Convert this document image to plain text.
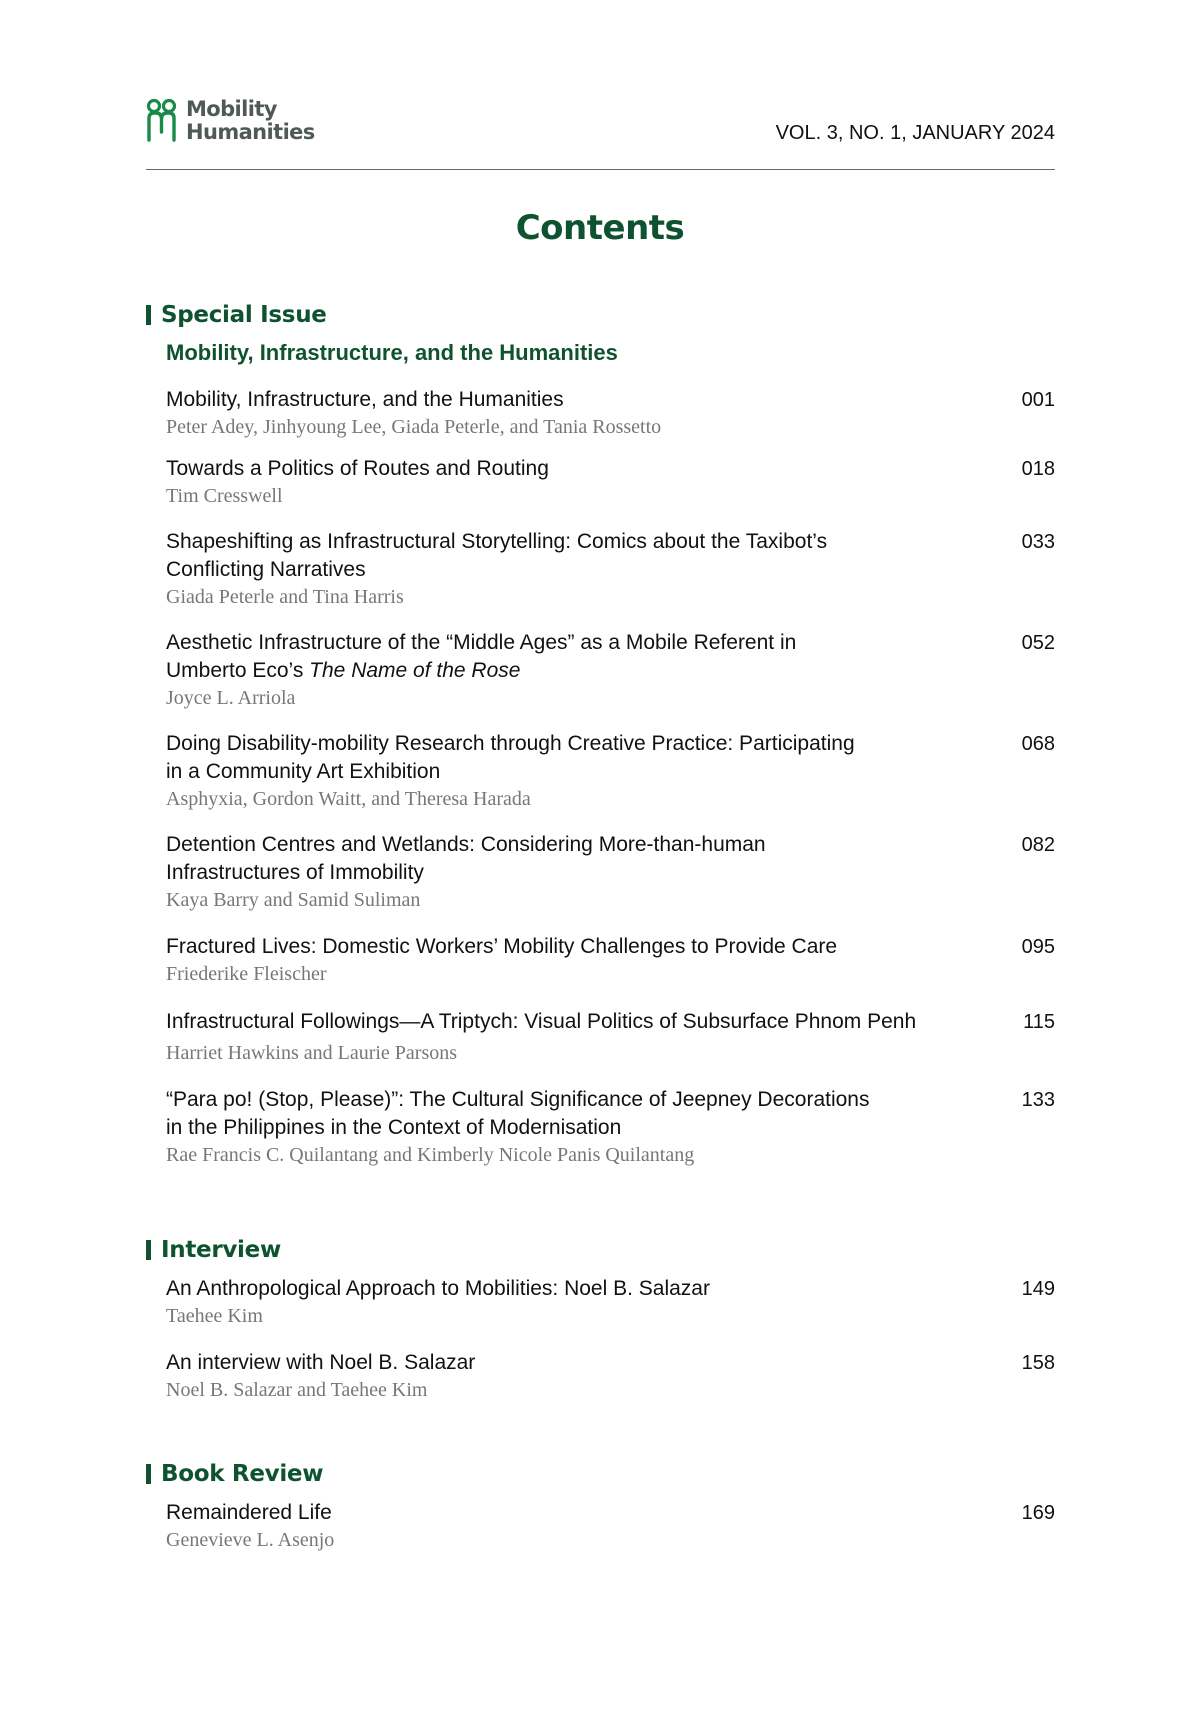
Mobility
Humanities	VOL. 3, NO. 1, JANUARY 2024
Contents
Special Issue
Mobility, Infrastructure, and the Humanities
Mobility, Infrastructure, and the Humanities
Peter Adey, Jinhyoung Lee, Giada Peterle, and Tania Rossetto
001
Towards a Politics of Routes and Routing
Tim Cresswell
018
Shapeshifting as Infrastructural Storytelling: Comics about the Taxibot’s
Conflicting Narratives
Giada Peterle and Tina Harris
033
Aesthetic Infrastructure of the “Middle Ages” as a Mobile Referent in
Umberto Eco’s The Name of the Rose
Joyce L. Arriola
052
Doing Disability-mobility Research through Creative Practice: Participating
in a Community Art Exhibition
Asphyxia, Gordon Waitt, and Theresa Harada
068
Detention Centres and Wetlands: Considering More-than-human
Infrastructures of Immobility
Kaya Barry and Samid Suliman
082
Fractured Lives: Domestic Workers’ Mobility Challenges to Provide Care
Friederike Fleischer
095
Infrastructural Followings—A Triptych: Visual Politics of Subsurface Phnom Penh
Harriet Hawkins and Laurie Parsons
115
“Para po! (Stop, Please)”: The Cultural Significance of Jeepney Decorations
in the Philippines in the Context of Modernisation
Rae Francis C. Quilantang and Kimberly Nicole Panis Quilantang
133
Interview
An Anthropological Approach to Mobilities: Noel B. Salazar
Taehee Kim
149
An interview with Noel B. Salazar
Noel B. Salazar and Taehee Kim
158
Book Review
Remaindered Life
Genevieve L. Asenjo
169
